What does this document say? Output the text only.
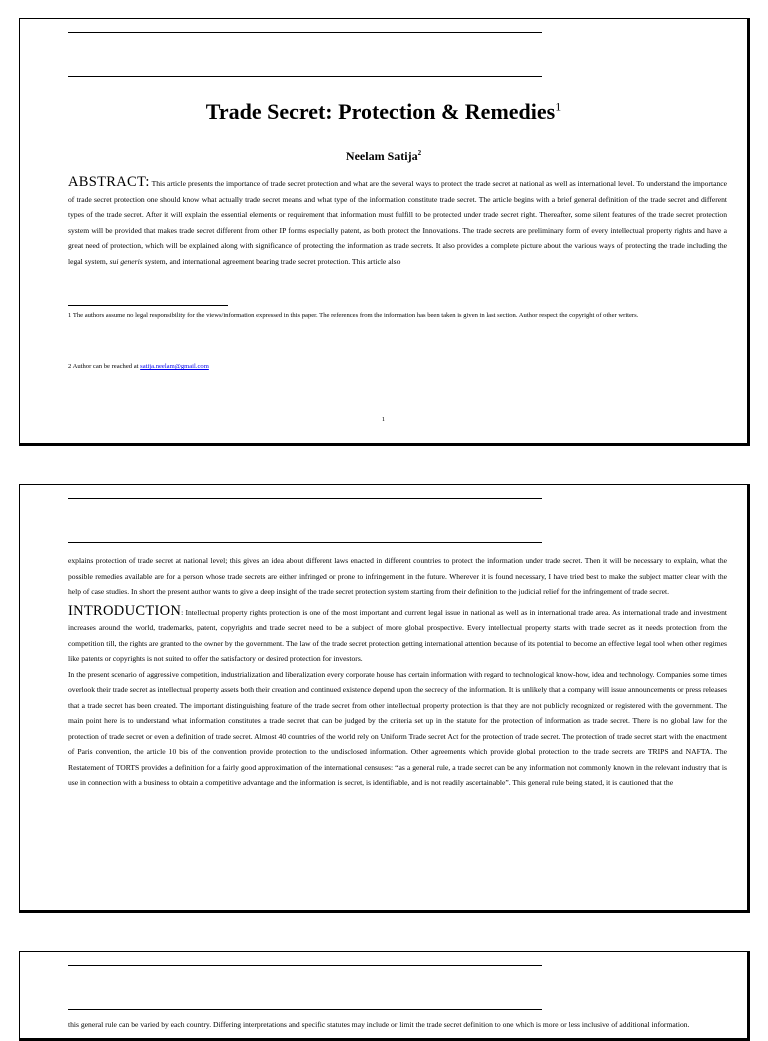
Trade Secret: Protection & Remedies$^1$
Neelam Satija$^2$
ABSTRACT: This article presents the importance of trade secret protection and what are the several ways to protect the trade secret at national as well as international level. To understand the importance of trade secret protection one should know what actually trade secret means and what type of the information constitute trade secret. The article begins with a brief general definition of the trade secret and different types of the trade secret. After it will explain the essential elements or requirement that information must fulfill to be protected under trade secret right. Thereafter, some silent features of the trade secret protection system will be provided that makes trade secret different from other IP forms especially patent, as both protect the Innovations. The trade secrets are preliminary form of every intellectual property rights and have a great need of protection, which will be explained along with significance of protecting the information as trade secrets. It also provides a complete picture about the various ways of protecting the trade including the legal system, sui generis system, and international agreement bearing trade secret protection. This article also
1 The authors assume no legal responsibility for the views/information expressed in this paper. The references from the information has been taken is given in last section. Author respect the copyright of other writers.
2 Author can be reached at satija.neelam@gmail.com
1
explains protection of trade secret at national level; this gives an idea about different laws enacted in different countries to protect the information under trade secret. Then it will be necessary to explain, what the possible remedies available are for a person whose trade secrets are either infringed or prone to infringement in the future. Wherever it is found necessary, I have tried best to make the subject matter clear with the help of case studies. In short the present author wants to give a deep insight of the trade secret protection system starting from their definition to the judicial relief for the infringement of trade secret.
INTRODUCTION: Intellectual property rights protection is one of the most important and current legal issue in national as well as in international trade area. As international trade and investment increases around the world, trademarks, patent, copyrights and trade secret need to be a subject of more global prospective. Every intellectual property starts with trade secret as it needs protection from the competition till, the rights are granted to the owner by the government. The law of the trade secret protection getting international attention because of its potential to become an effective legal tool when other regimes like patents or copyrights is not suited to offer the satisfactory or desired protection for investors.
In the present scenario of aggressive competition, industrialization and liberalization every corporate house has certain information with regard to technological know-how, idea and technology. Companies some times overlook their trade secret as intellectual property assets both their creation and continued existence depend upon the secrecy of the information. It is unlikely that a company will issue announcements or press releases that a trade secret has been created. The important distinguishing feature of the trade secret from other intellectual property protection is that they are not publicly recognized or registered with the government. The main point here is to understand what information constitutes a trade secret that can be judged by the criteria set up in the statute for the protection of information as trade secret. There is no global law for the protection of trade secret or even a definition of trade secret. Almost 40 countries of the world rely on Uniform Trade secret Act for the protection of trade secret. The protection of trade secret start with the enactment of Paris convention, the article 10 bis of the convention provide protection to the undisclosed information. Other agreements which provide global protection to the trade secrets are TRIPS and NAFTA. The Restatement of TORTS provides a definition for a fairly good approximation of the international censuses: “as a general rule, a trade secret can be any information not commonly known in the relevant industry that is use in connection with a business to obtain a competitive advantage and the information is secret, is identifiable, and is not readily ascertainable”. This general rule being stated, it is cautioned that the
this general rule can be varied by each country. Differing interpretations and specific statutes may include or limit the trade secret definition to one which is more or less inclusive of additional information.
